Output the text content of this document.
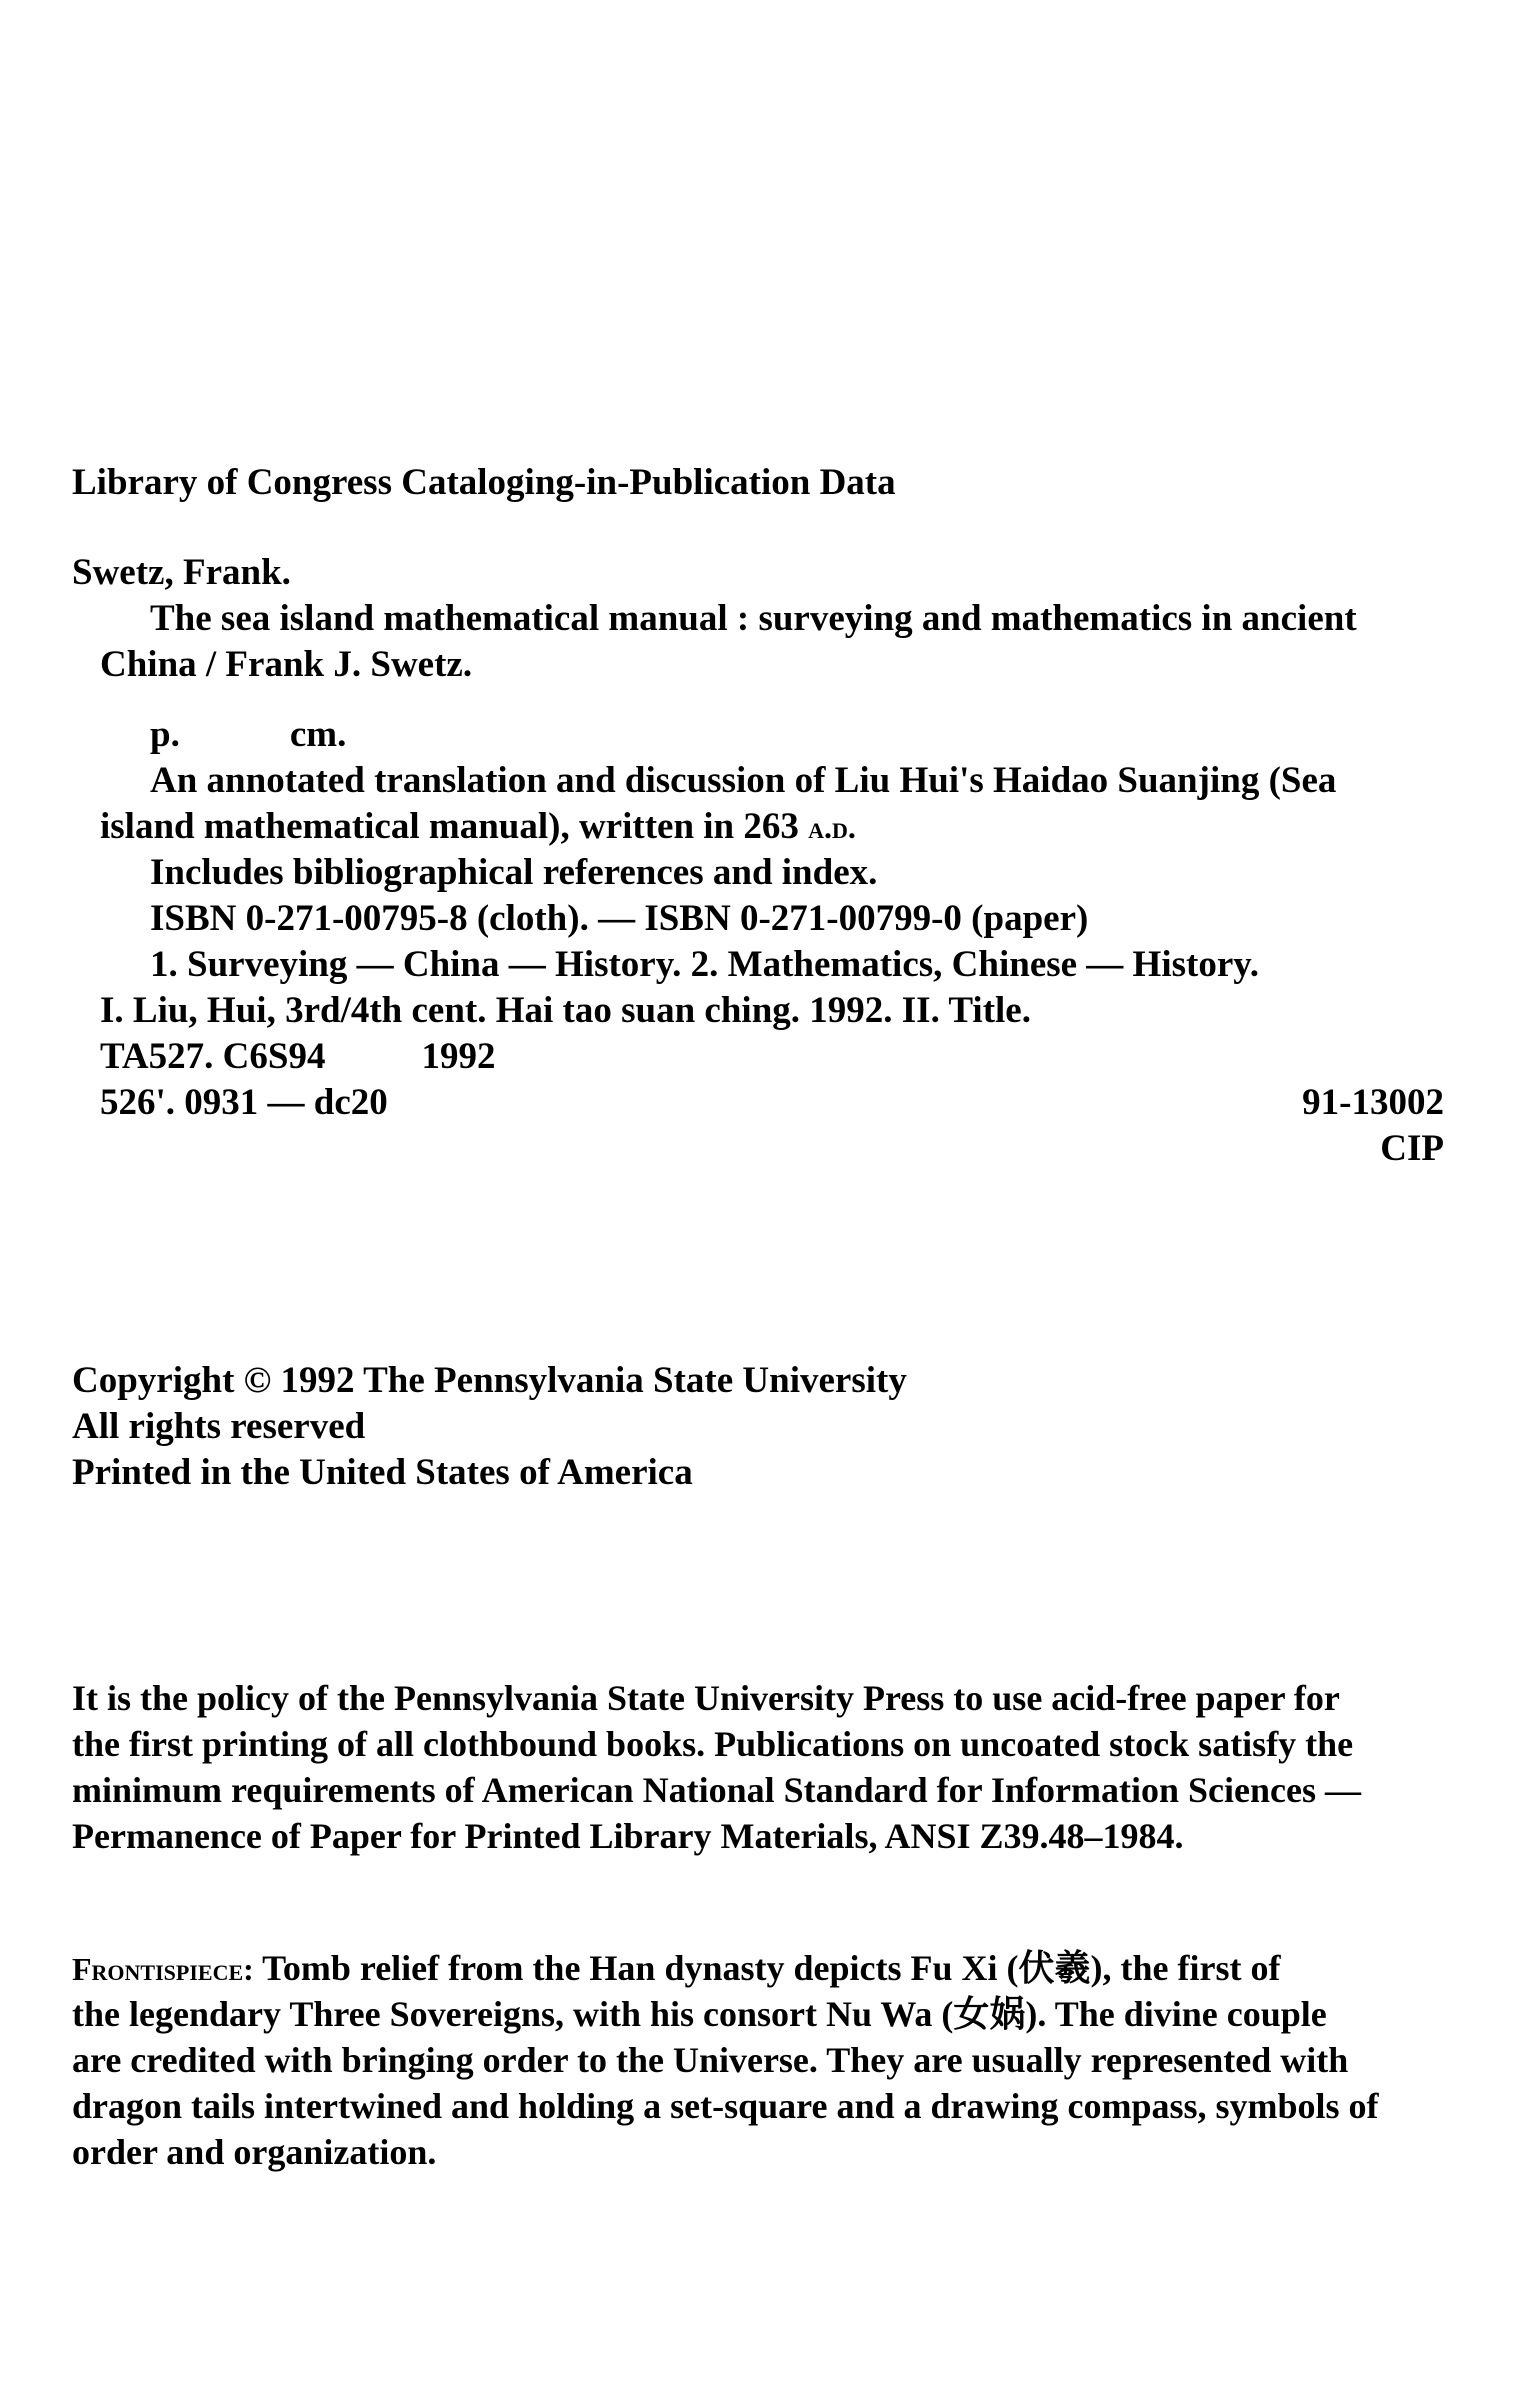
Library of Congress Cataloging-in-Publication Data
Swetz, Frank.
The sea island mathematical manual : surveying and mathematics in ancient
China / Frank J. Swetz.
p.	cm.
An annotated translation and discussion of Liu Hui's Haidao Suanjing (Sea
island mathematical manual), written in 263 a.d.
Includes bibliographical references and index.
ISBN 0-271-00795-8 (cloth). — ISBN 0-271-00799-0 (paper)
1. Surveying — China — History. 2. Mathematics, Chinese — History.
I. Liu, Hui, 3rd/4th cent. Hai tao suan ching. 1992. II. Title.
TA527. C6S94	1992
526'. 0931 — dc20	91-13002
CIP
Copyright © 1992 The Pennsylvania State University
All rights reserved
Printed in the United States of America
It is the policy of the Pennsylvania State University Press to use acid-free paper for
the first printing of all clothbound books. Publications on uncoated stock satisfy the
minimum requirements of American National Standard for Information Sciences —
Permanence of Paper for Printed Library Materials, ANSI Z39.48–1984.
Frontispiece: Tomb relief from the Han dynasty depicts Fu Xi (伏羲), the first of
the legendary Three Sovereigns, with his consort Nu Wa (女娲). The divine couple
are credited with bringing order to the Universe. They are usually represented with
dragon tails intertwined and holding a set-square and a drawing compass, symbols of
order and organization.
